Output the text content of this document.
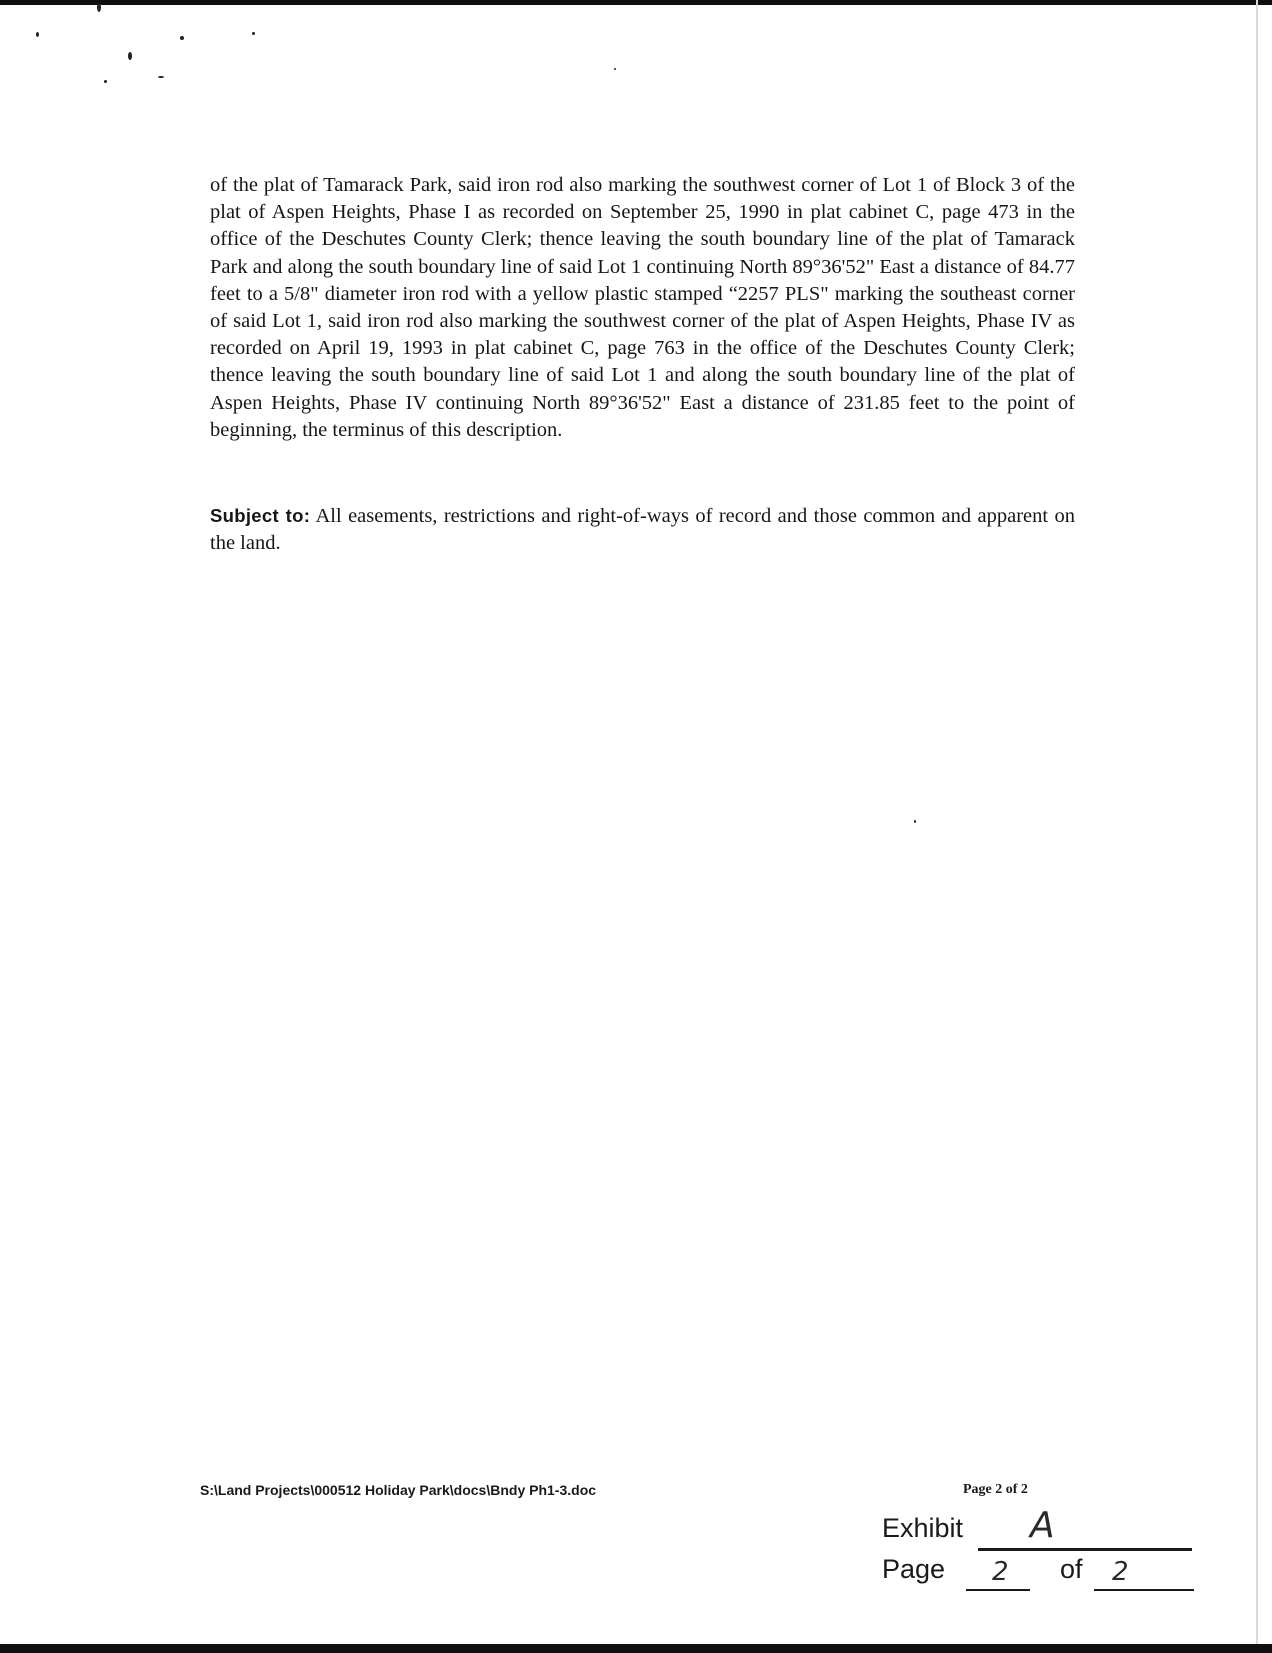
of the plat of Tamarack Park, said iron rod also marking the southwest corner of Lot 1 of Block 3 of the plat of Aspen Heights, Phase I as recorded on September 25, 1990 in plat cabinet C, page 473 in the office of the Deschutes County Clerk; thence leaving the south boundary line of the plat of Tamarack Park and along the south boundary line of said Lot 1 continuing North 89°36'52" East a distance of 84.77 feet to a 5/8" diameter iron rod with a yellow plastic stamped “2257 PLS" marking the southeast corner of said Lot 1, said iron rod also marking the southwest corner of the plat of Aspen Heights, Phase IV as recorded on April 19, 1993 in plat cabinet C, page 763 in the office of the Deschutes County Clerk; thence leaving the south boundary line of said Lot 1 and along the south boundary line of the plat of Aspen Heights, Phase IV continuing North 89°36'52" East a distance of 231.85 feet to the point of beginning, the terminus of this description.

Subject to: All easements, restrictions and right-of-ways of record and those common and apparent on the land.

S:\Land Projects\000512 Holiday Park\docs\Bndy Ph1-3.doc	Page 2 of 2
Exhibit A
Page 2 of 2
